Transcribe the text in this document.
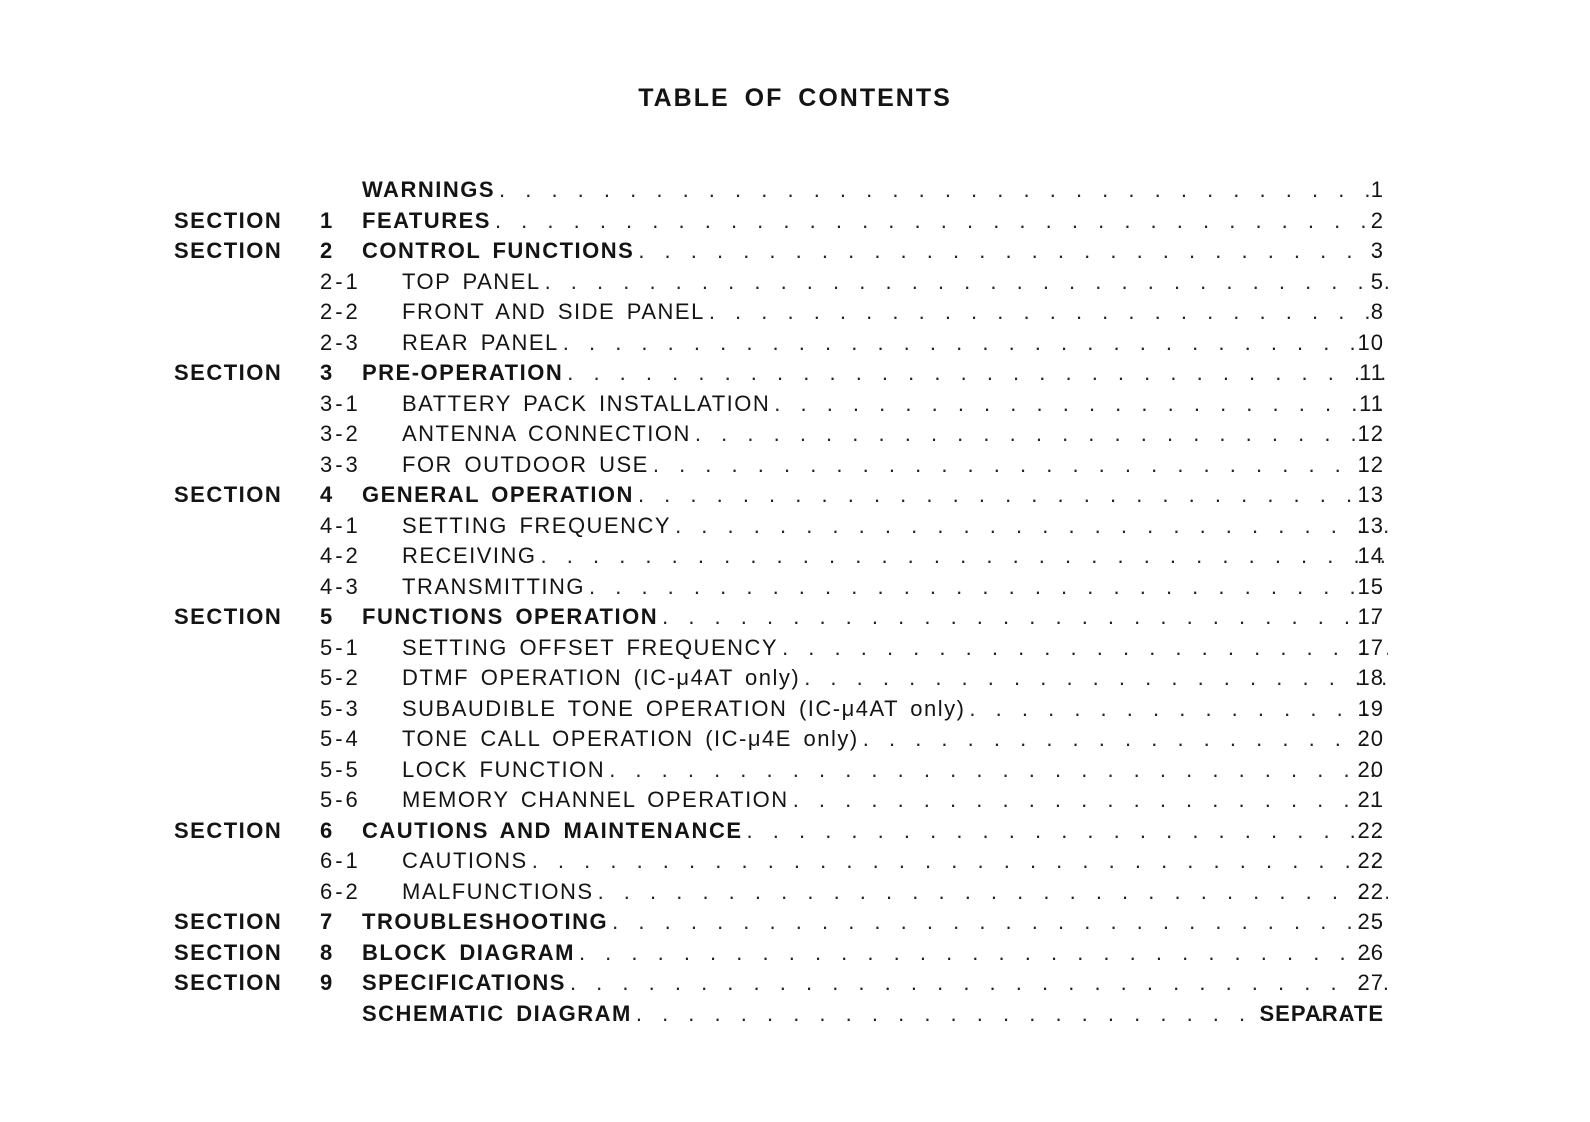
TABLE OF CONTENTS
WARNINGS . . .	1
SECTION 1 FEATURES . . .	2
SECTION 2 CONTROL FUNCTIONS . . .	3
2-1 TOP PANEL . . .	5
2-2 FRONT AND SIDE PANEL . . .	8
2-3 REAR PANEL . . .	10
SECTION 3 PRE-OPERATION . . .	11
3-1 BATTERY PACK INSTALLATION . . .	11
3-2 ANTENNA CONNECTION . . .	12
3-3 FOR OUTDOOR USE . . .	12
SECTION 4 GENERAL OPERATION . . .	13
4-1 SETTING FREQUENCY . . .	13
4-2 RECEIVING . . .	14
4-3 TRANSMITTING . . .	15
SECTION 5 FUNCTIONS OPERATION . . .	17
5-1 SETTING OFFSET FREQUENCY . . .	17
5-2 DTMF OPERATION (IC-μ4AT only) . . .	18
5-3 SUBAUDIBLE TONE OPERATION (IC-μ4AT only) . . .	19
5-4 TONE CALL OPERATION (IC-μ4E only) . . .	20
5-5 LOCK FUNCTION . . .	20
5-6 MEMORY CHANNEL OPERATION . . .	21
SECTION 6 CAUTIONS AND MAINTENANCE . . .	22
6-1 CAUTIONS . . .	22
6-2 MALFUNCTIONS . . .	22
SECTION 7 TROUBLESHOOTING . . .	25
SECTION 8 BLOCK DIAGRAM . . .	26
SECTION 9 SPECIFICATIONS . . .	27
SCHEMATIC DIAGRAM . . .	SEPARATE
